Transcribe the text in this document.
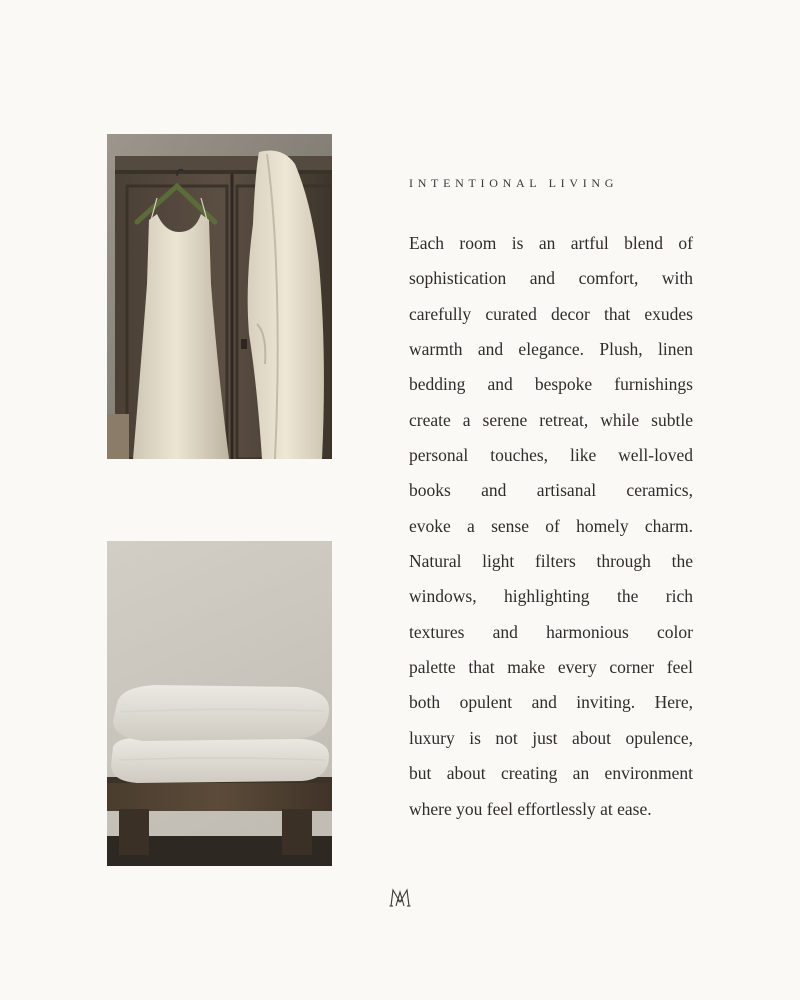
INTENTIONAL LIVING
Each room is an artful blend of
sophistication and comfort, with
carefully curated decor that exudes
warmth and elegance. Plush, linen
bedding and bespoke furnishings
create a serene retreat, while subtle
personal touches, like well-loved
books and artisanal ceramics,
evoke a sense of homely charm.
Natural light filters through the
windows, highlighting the rich
textures and harmonious color
palette that make every corner feel
both opulent and inviting. Here,
luxury is not just about opulence,
but about creating an environment
where you feel effortlessly at ease.
